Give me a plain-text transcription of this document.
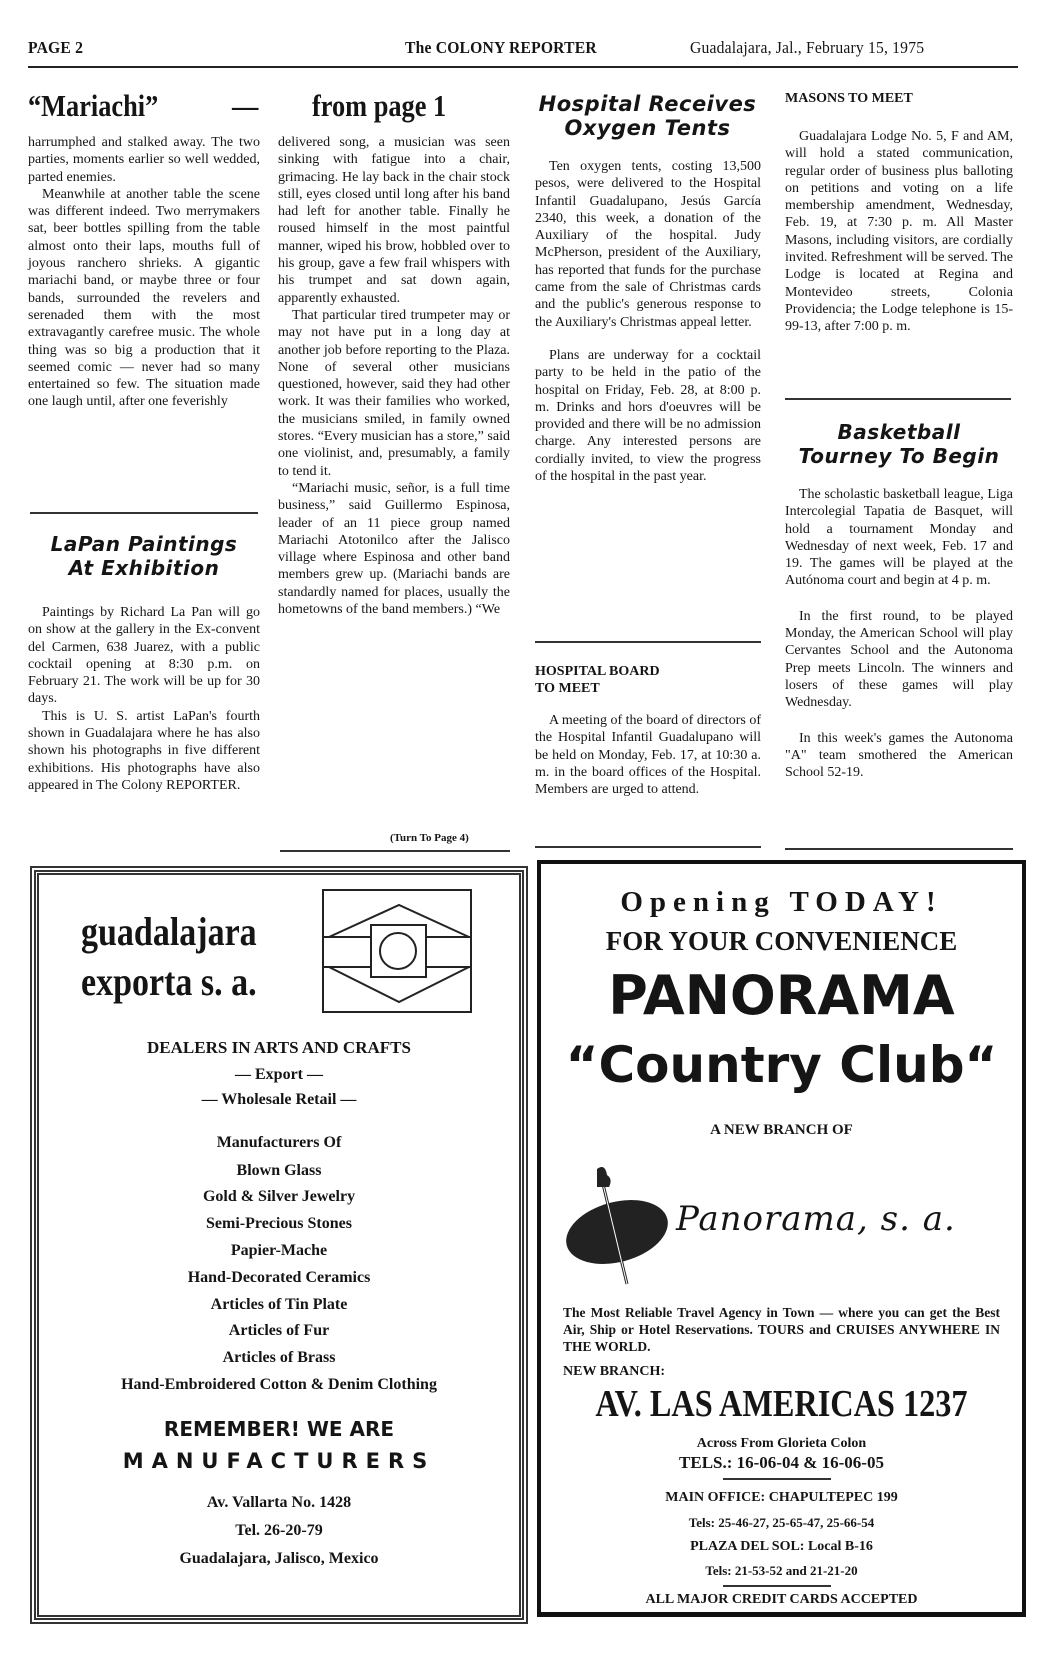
PAGE 2	The COLONY REPORTER	Guadalajara, Jal., February 15, 1975
“Mariachi” — from page 1

harrumphed and stalked away. The two parties, moments earlier so well wedded, parted enemies.

Meanwhile at another table the scene was different indeed. Two merrymakers sat, beer bottles spilling from the table almost onto their laps, mouths full of joyous ranchero shrieks. A gigantic mariachi band, or maybe three or four bands, surrounded the revelers and serenaded them with the most extravagantly carefree music. The whole thing was so big a production that it seemed comic — never had so many entertained so few. The situation made one laugh until, after one feverishly

LaPan Paintings
At Exhibition

Paintings by Richard La Pan will go on show at the gallery in the Ex-convent del Carmen, 638 Juarez, with a public cocktail opening at 8:30 p.m. on February 21. The work will be up for 30 days.

This is U. S. artist LaPan's fourth shown in Guadalajara where he has also shown his photographs in five different exhibitions. His photographs have also appeared in The Colony REPORTER.

delivered song, a musician was seen sinking with fatigue into a chair, grimacing. He lay back in the chair stock still, eyes closed until long after his band had left for another table. Finally he roused himself in the most paintful manner, wiped his brow, hobbled over to his group, gave a few frail whispers with his trumpet and sat down again, apparently exhausted.

That particular tired trumpeter may or may not have put in a long day at another job before reporting to the Plaza. None of several other musicians questioned, however, said they had other work. It was their families who worked, the musicians smiled, in family owned stores. “Every musician has a store,” said one violinist, and, presumably, a family to tend it.

“Mariachi music, señor, is a full time business,” said Guillermo Espinosa, leader of an 11 piece group named Mariachi Atotonilco after the Jalisco village where Espinosa and other band members grew up. (Mariachi bands are standardly named for places, usually the hometowns of the band members.) “We

(Turn To Page 4)
Hospital Receives
Oxygen Tents

Ten oxygen tents, costing 13,500 pesos, were delivered to the Hospital Infantil Guadalupano, Jesús García 2340, this week, a donation of the Auxiliary of the hospital. Judy McPherson, president of the Auxiliary, has reported that funds for the purchase came from the sale of Christmas cards and the public's generous response to the Auxiliary's Christmas appeal letter.

Plans are underway for a cocktail party to be held in the patio of the hospital on Friday, Feb. 28, at 8:00 p. m. Drinks and hors d'oeuvres will be provided and there will be no admission charge. Any interested persons are cordially invited, to view the progress of the hospital in the past year.

HOSPITAL BOARD
TO MEET

A meeting of the board of directors of the Hospital Infantil Guadalupano will be held on Monday, Feb. 17, at 10:30 a. m. in the board offices of the Hospital. Members are urged to attend.

MASONS TO MEET

Guadalajara Lodge No. 5, F and AM, will hold a stated communication, regular order of business plus balloting on petitions and voting on a life membership amendment, Wednesday, Feb. 19, at 7:30 p. m. All Master Masons, including visitors, are cordially invited. Refreshment will be served. The Lodge is located at Regina and Montevideo streets, Colonia Providencia; the Lodge telephone is 15-99-13, after 7:00 p. m.

Basketball
Tourney To Begin

The scholastic basketball league, Liga Intercolegial Tapatia de Basquet, will hold a tournament Monday and Wednesday of next week, Feb. 17 and 19. The games will be played at the Autónoma court and begin at 4 p. m.

In the first round, to be played Monday, the American School will play Cervantes School and the Autonoma Prep meets Lincoln. The winners and losers of these games will play Wednesday.

In this week's games the Autonoma "A" team smothered the American School 52-19.

guadalajara
exporta s. a.
DEALERS IN ARTS AND CRAFTS
— Export —
— Wholesale Retail —
Manufacturers Of
Blown Glass
Gold & Silver Jewelry
Semi-Precious Stones
Papier-Mache
Hand-Decorated Ceramics
Articles of Tin Plate
Articles of Fur
Articles of Brass
Hand-Embroidered Cotton & Denim Clothing
REMEMBER! WE ARE
MANUFACTURERS
Av. Vallarta No. 1428
Tel. 26-20-79
Guadalajara, Jalisco, Mexico
Opening TODAY!
FOR YOUR CONVENIENCE
PANORAMA
“Country Club“
A NEW BRANCH OF
Panorama, s. a.
The Most Reliable Travel Agency in Town — where you can get the Best Air, Ship or Hotel Reservations. TOURS and CRUISES ANYWHERE IN THE WORLD.
NEW BRANCH:
AV. LAS AMERICAS 1237
Across From Glorieta Colon
TELS.: 16-06-04 & 16-06-05
MAIN OFFICE: CHAPULTEPEC 199
Tels: 25-46-27, 25-65-47, 25-66-54
PLAZA DEL SOL: Local B-16
Tels: 21-53-52 and 21-21-20
ALL MAJOR CREDIT CARDS ACCEPTED
